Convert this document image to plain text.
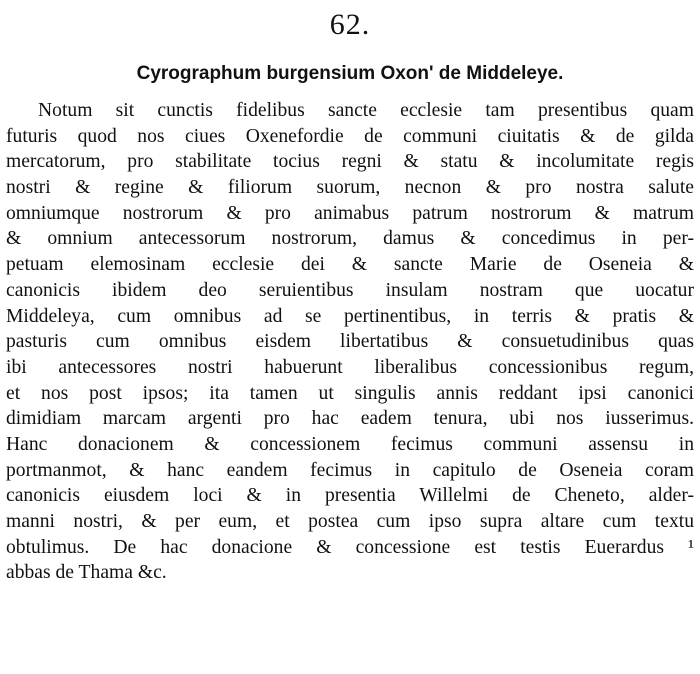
62.
Cyrographum burgensium Oxon' de Middeleye.
Notum sit cunctis fidelibus sancte ecclesie tam presentibus quam
futuris quod nos ciues Oxenefordie de communi ciuitatis & de gilda
mercatorum, pro stabilitate tocius regni & statu & incolumitate regis
nostri & regine & filiorum suorum, necnon & pro nostra salute
omniumque nostrorum & pro animabus patrum nostrorum & matrum
& omnium antecessorum nostrorum, damus & concedimus in per-
petuam elemosinam ecclesie dei & sancte Marie de Oseneia &
canonicis ibidem deo seruientibus insulam nostram que uocatur
Middeleya, cum omnibus ad se pertinentibus, in terris & pratis &
pasturis cum omnibus eisdem libertatibus & consuetudinibus quas
ibi antecessores nostri habuerunt liberalibus concessionibus regum,
et nos post ipsos; ita tamen ut singulis annis reddant ipsi canonici
dimidiam marcam argenti pro hac eadem tenura, ubi nos iusserimus.
Hanc donacionem & concessionem fecimus communi assensu in
portmanmot, & hanc eandem fecimus in capitulo de Oseneia coram
canonicis eiusdem loci & in presentia Willelmi de Cheneto, alder-
manni nostri, & per eum, et postea cum ipso supra altare cum textu
obtulimus. De hac donacione & concessione est testis Euerardus ¹
abbas de Thama &c.
